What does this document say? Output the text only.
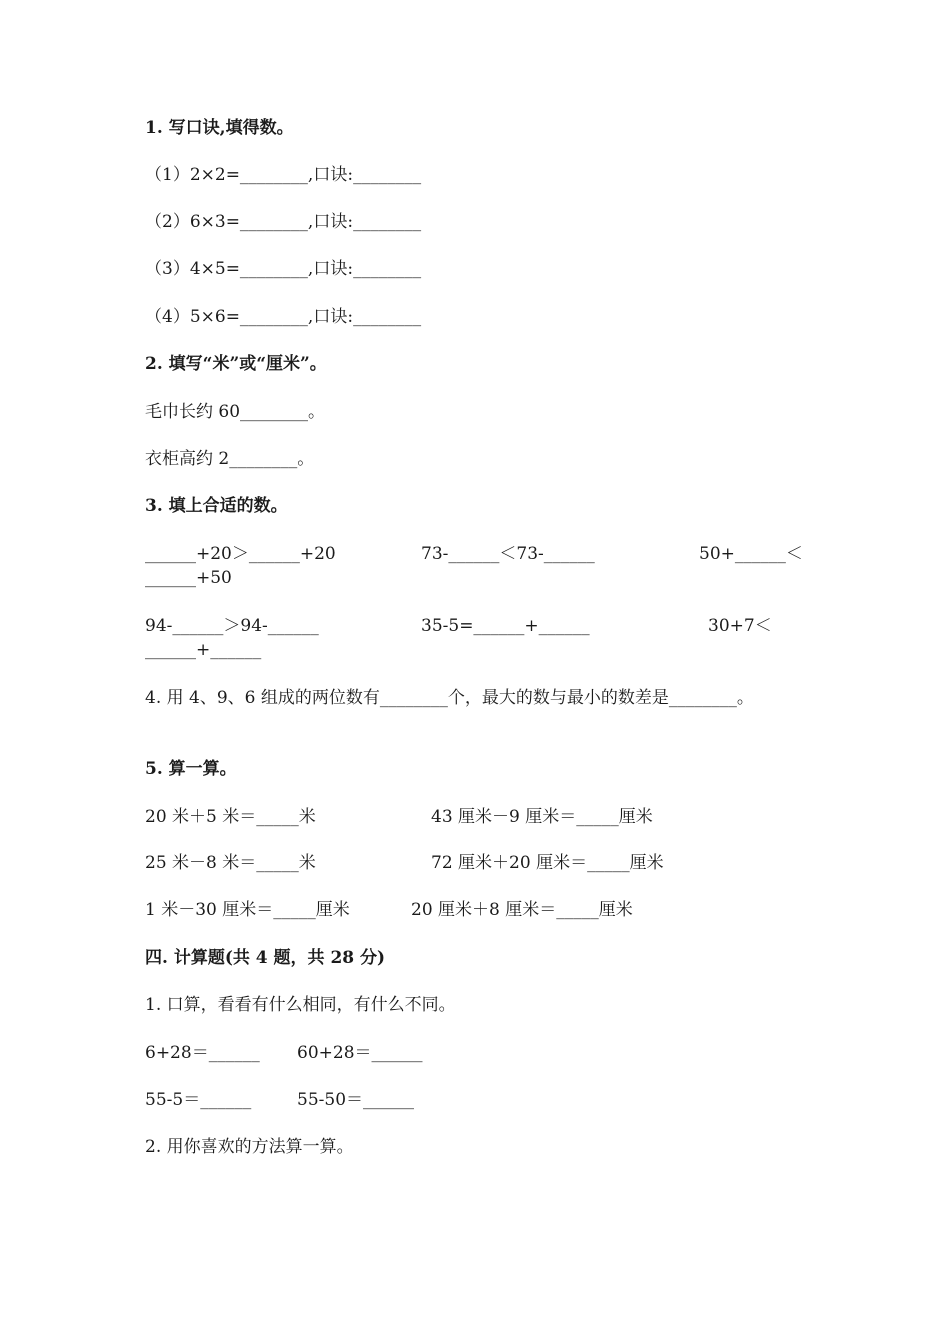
1. 写口诀,填得数。
（1）2×2=________,口诀:________
（2）6×3=________,口诀:________
（3）4×5=________,口诀:________
（4）5×6=________,口诀:________
2. 填写“米”或“厘米”。
毛巾长约 60________。
衣柜高约 2________。
3. 填上合适的数。
______+20＞______+20	73-______＜73-______	50+______＜
______+50
94-______＞94-______	35-5=______+______	30+7＜
______+______
4. 用 4、9、6 组成的两位数有________个，最大的数与最小的数差是________。
5. 算一算。
20 米＋5 米＝_____米	43 厘米－9 厘米＝_____厘米
25 米－8 米＝_____米	72 厘米＋20 厘米＝_____厘米
1 米－30 厘米＝_____厘米	20 厘米＋8 厘米＝_____厘米
四. 计算题(共 4 题，共 28 分)
1. 口算，看看有什么相同，有什么不同。
6+28＝______ 60+28＝______
55-5＝______	55-50＝______
2. 用你喜欢的方法算一算。
